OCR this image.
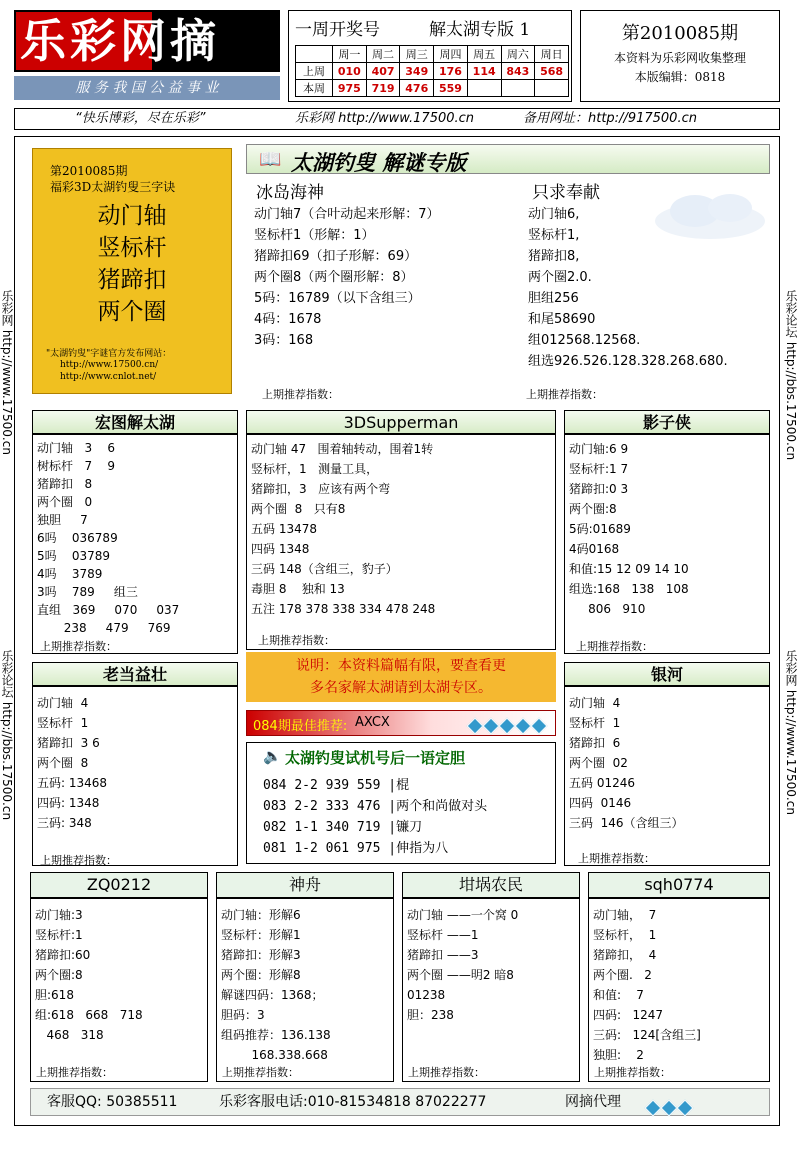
乐彩网摘
服 务 我 国 公 益 事 业
一周开奖号	解太湖专版 1
	周一	周二	周三	周四	周五	周六	周日
上周	010	407	349	176	114	843	568
本周	975	719	476	559			
第2010085期
本资料为乐彩网收集整理
本版编辑：0818
“快乐博彩，尽在乐彩”	乐彩网 http://www.17500.cn	备用网址：http://917500.cn
乐彩网 http://www.17500.cn
乐彩论坛 http://bbs.17500.cn
乐彩论坛 http://bbs.17500.cn
乐彩网 http://www.17500.cn
第2010085期
福彩3D太湖钓叟三字诀
动门轴
竖标杆
猪蹄扣
两个圈
"太湖钓叟"字谜官方发布网站：
http://www.17500.cn/
http://www.cnlot.net/
📖 太湖钓叟 解谜专版
冰岛海神
动门轴7（合叶动起来形解：7）
竖标杆1（形解：1）
猪蹄扣69（扣子形解：69）
两个圈8（两个圈形解：8）
5码：16789（以下含组三）
4码：1678
3码：168
上期推荐指数：
只求奉献
动门轴6,
竖标杆1,
猪蹄扣8,
两个圈2.0.
胆组256
和尾58690
组012568.12568.
组选926.526.128.328.268.680.
上期推荐指数：
宏图解太湖
动门轴   3    6
树标杆   7    9
猪蹄扣   8
两个圈   0
独胆     7
6吗    036789
5吗    03789
4吗    3789
3吗    789     组三
直组   369     070     037
238     479     769
上期推荐指数：
3DSupperman
动门轴 47   围着轴转动，围着1转
竖标杆，1   测量工具，
猪蹄扣，3   应该有两个弯
两个圈  8   只有8
五码 13478
四码 1348
三码 148（含组三，豹子）
毒胆 8    独和 13
五注 178 378 338 334 478 248
上期推荐指数：
影子侠
动门轴:6 9
竖标杆:1 7
猪蹄扣:0 3
两个圈:8
5码:01689
4码0168
和值:15 12 09 14 10
组选:168   138   108
806   910
上期推荐指数：
老当益壮
动门轴  4
竖标杆  1
猪蹄扣  3 6
两个圈  8
五码: 13468
四码: 1348
三码: 348
上期推荐指数：
说明：本资料篇幅有限，要查看更
多名家解太湖请到太湖专区。
084期最佳推荐: AXCX
🔈 太湖钓叟试机号后一语定胆
084 2-2 939 559 |棍
083 2-2 333 476 |两个和尚做对头
082 1-1 340 719 |镰刀
081 1-2 061 975 |伸指为八
银河
动门轴  4
竖标杆  1
猪蹄扣  6
两个圈  02
五码 01246
四码  0146
三码  146（含组三）
上期推荐指数：
ZQ0212
动门轴:3
竖标杆:1
猪蹄扣:60
两个圈:8
胆:618
组:618   668   718
468   318
上期推荐指数：
神舟
动门轴：形解6
竖标杆：形解1
猪蹄扣：形解3
两个圈：形解8
解谜四码：1368；
胆码：3
组码推荐：136.138
168.338.668
上期推荐指数：
坩埚农民
动门轴 ——一个窝 0
竖标杆 ——1
猪蹄扣 ——3
两个圈 ——明2 暗8
01238
胆：238
上期推荐指数：
sqh0774
动门轴，  7
竖标杆，  1
猪蹄扣，  4
两个圈.   2
和值:    7
四码:   1247
三码:   124[含组三]
独胆:    2
上期推荐指数：
客服QQ: 50385511	乐彩客服电话:010-81534818 87022277	网摘代理
